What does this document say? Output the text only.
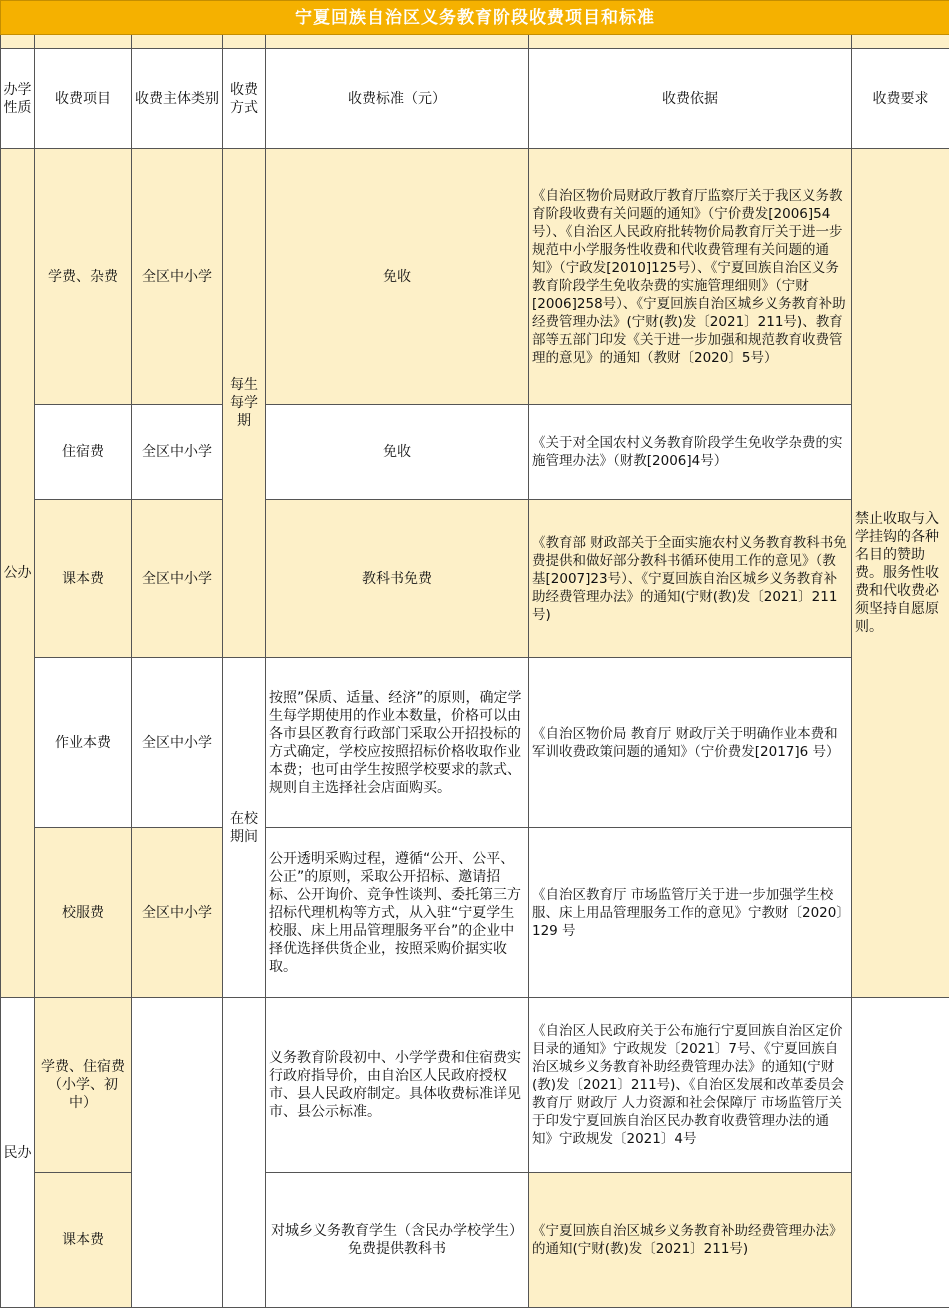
宁夏回族自治区义务教育阶段收费项目和标准						

办学性质	收费项目	收费主体类别	收费方式	收费标准（元）	收费依据	收费要求
公办	学费、杂费	全区中小学	每生每学期	免收	《自治区物价局财政厅教育厅监察厅关于我区义务教育阶段收费有关问题的通知》（宁价费发[2006]54号）、《自治区人民政府批转物价局教育厅关于进一步规范中小学服务性收费和代收费管理有关问题的通知》（宁政发[2010]125号）、《宁夏回族自治区义务教育阶段学生免收杂费的实施管理细则》（宁财[2006]258号）、《宁夏回族自治区城乡义务教育补助经费管理办法》(宁财(教)发〔2021〕211号)、教育部等五部门印发《关于进一步加强和规范教育收费管理的意见》的通知（教财〔2020〕5号）	禁止收取与入学挂钩的各种名目的赞助费。服务性收费和代收费必须坚持自愿原则。
	住宿费	全区中小学		免收	《关于对全国农村义务教育阶段学生免收学杂费的实施管理办法》（财教[2006]4号）	
	课本费	全区中小学		教科书免费	《教育部 财政部关于全面实施农村义务教育教科书免费提供和做好部分教科书循环使用工作的意见》（教基[2007]23号）、《宁夏回族自治区城乡义务教育补助经费管理办法》的通知(宁财(教)发〔2021〕211号)	
	作业本费	全区中小学	在校期间	按照”保质、适量、经济”的原则，确定学生每学期使用的作业本数量，价格可以由各市县区教育行政部门采取公开招投标的方式确定，学校应按照招标价格收取作业本费；也可由学生按照学校要求的款式、规则自主选择社会店面购买。	《自治区物价局 教育厅 财政厅关于明确作业本费和军训收费政策问题的通知》（宁价费发[2017]6 号）	
	校服费	全区中小学		公开透明采购过程，遵循“公开、公平、公正”的原则，采取公开招标、邀请招标、公开询价、竞争性谈判、委托第三方招标代理机构等方式，从入驻“宁夏学生校服、床上用品管理服务平台”的企业中择优选择供货企业，按照采购价据实收取。	《自治区教育厅 市场监管厅关于进一步加强学生校服、床上用品管理服务工作的意见》宁教财〔2020〕129 号	
民办	学费、住宿费（小学、初中）			义务教育阶段初中、小学学费和住宿费实行政府指导价，由自治区人民政府授权市、县人民政府制定。具体收费标准详见市、县公示标准。	《自治区人民政府关于公布施行宁夏回族自治区定价目录的通知》宁政规发〔2021〕7号、《宁夏回族自治区城乡义务教育补助经费管理办法》的通知(宁财(教)发〔2021〕211号)、《自治区发展和改革委员会 教育厅 财政厅 人力资源和社会保障厅 市场监管厅关于印发宁夏回族自治区民办教育收费管理办法的通知》宁政规发〔2021〕4号	
	课本费			对城乡义务教育学生（含民办学校学生）免费提供教科书	《宁夏回族自治区城乡义务教育补助经费管理办法》的通知(宁财(教)发〔2021〕211号)	
